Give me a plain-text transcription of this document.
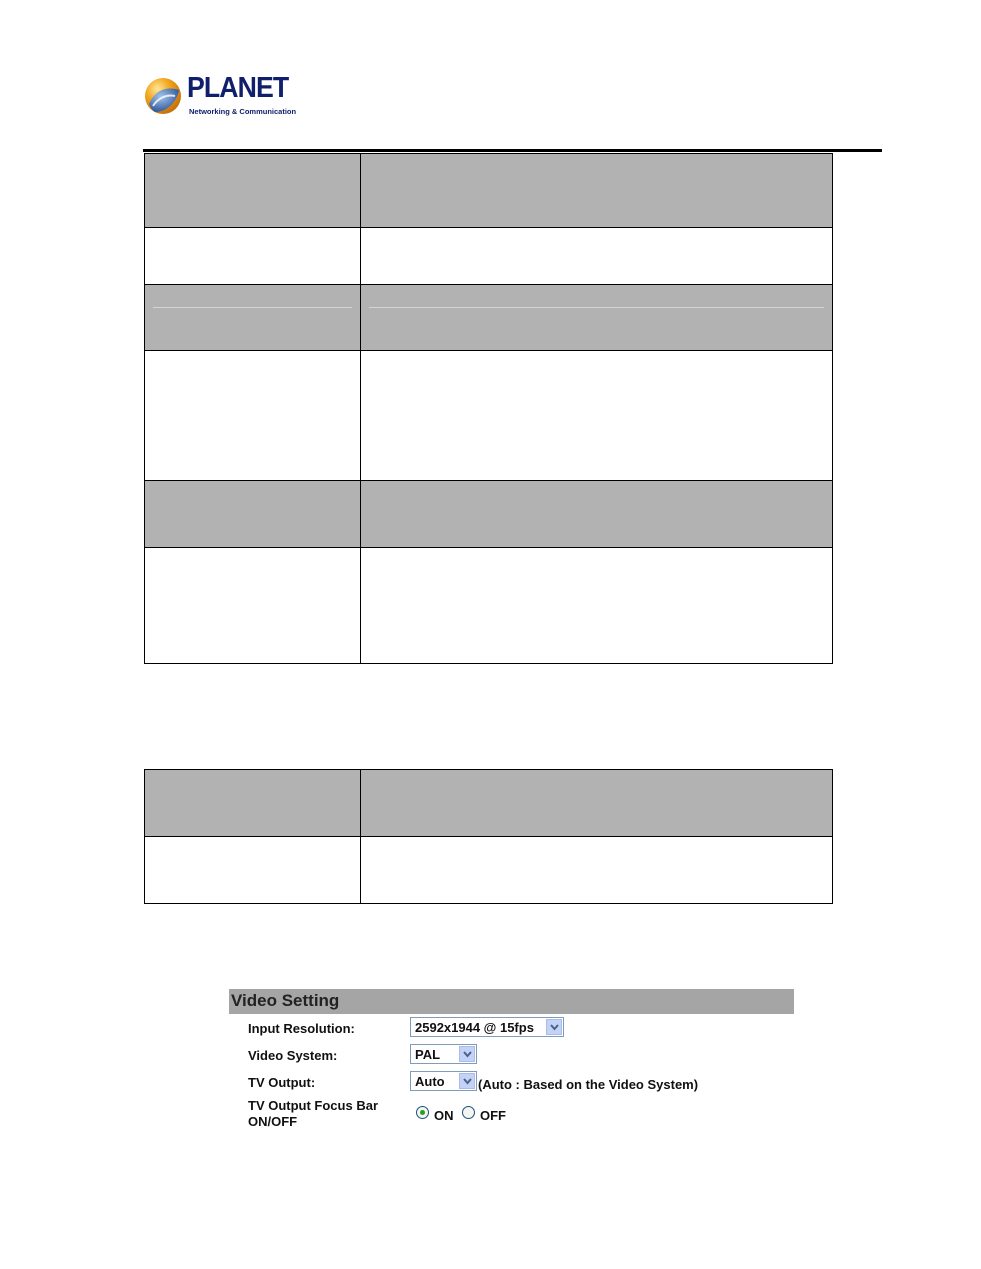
PLANET
Networking & Communication

Video Setting
Input Resolution:	2592x1944 @ 15fps
Video System:	PAL
TV Output:	Auto	(Auto : Based on the Video System)
TV Output Focus Bar
ON/OFF	ON OFF
